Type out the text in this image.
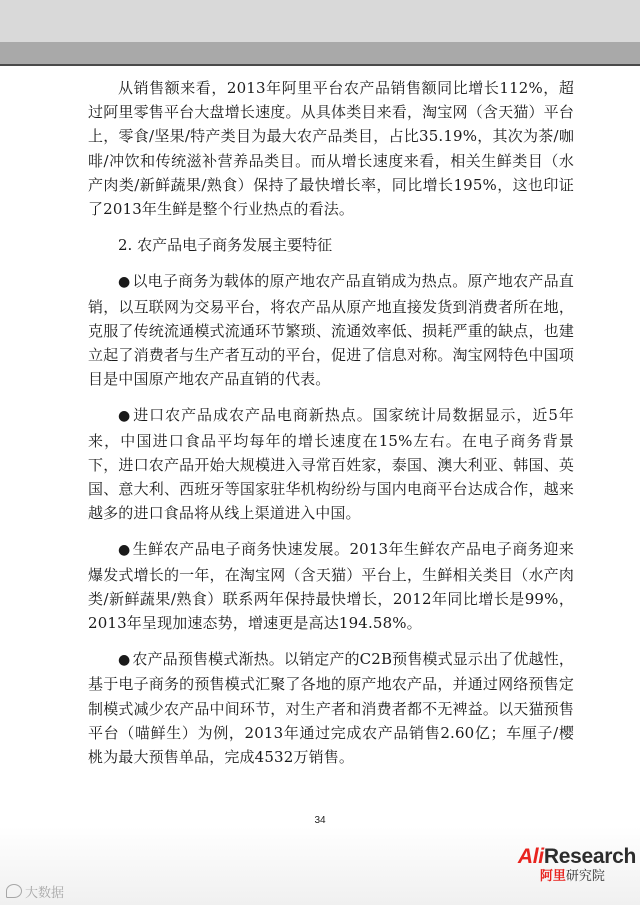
从销售额来看，2013年阿里平台农产品销售额同比增长112%，超过阿里零售平台大盘增长速度。从具体类目来看，淘宝网（含天猫）平台上，零食/坚果/特产类目为最大农产品类目，占比35.19%，其次为茶/咖啡/冲饮和传统滋补营养品类目。而从增长速度来看，相关生鲜类目（水产肉类/新鲜蔬果/熟食）保持了最快增长率，同比增长195%，这也印证了2013年生鲜是整个行业热点的看法。

2. 农产品电子商务发展主要特征

● 以电子商务为载体的原产地农产品直销成为热点。原产地农产品直销，以互联网为交易平台，将农产品从原产地直接发货到消费者所在地，克服了传统流通模式流通环节繁琐、流通效率低、损耗严重的缺点，也建立起了消费者与生产者互动的平台，促进了信息对称。淘宝网特色中国项目是中国原产地农产品直销的代表。

● 进口农产品成农产品电商新热点。国家统计局数据显示，近5年来，中国进口食品平均每年的增长速度在15%左右。在电子商务背景下，进口农产品开始大规模进入寻常百姓家，泰国、澳大利亚、韩国、英国、意大利、西班牙等国家驻华机构纷纷与国内电商平台达成合作，越来越多的进口食品将从线上渠道进入中国。

● 生鲜农产品电子商务快速发展。2013年生鲜农产品电子商务迎来爆发式增长的一年，在淘宝网（含天猫）平台上，生鲜相关类目（水产肉类/新鲜蔬果/熟食）联系两年保持最快增长，2012年同比增长是99%，2013年呈现加速态势，增速更是高达194.58%。

● 农产品预售模式渐热。以销定产的C2B预售模式显示出了优越性，基于电子商务的预售模式汇聚了各地的原产地农产品，并通过网络预售定制模式减少农产品中间环节，对生产者和消费者都不无裨益。以天猫预售平台（喵鲜生）为例，2013年通过完成农产品销售2.60亿；车厘子/樱桃为最大预售单品，完成4532万销售。

34
AliResearch
阿里研究院
大数据
